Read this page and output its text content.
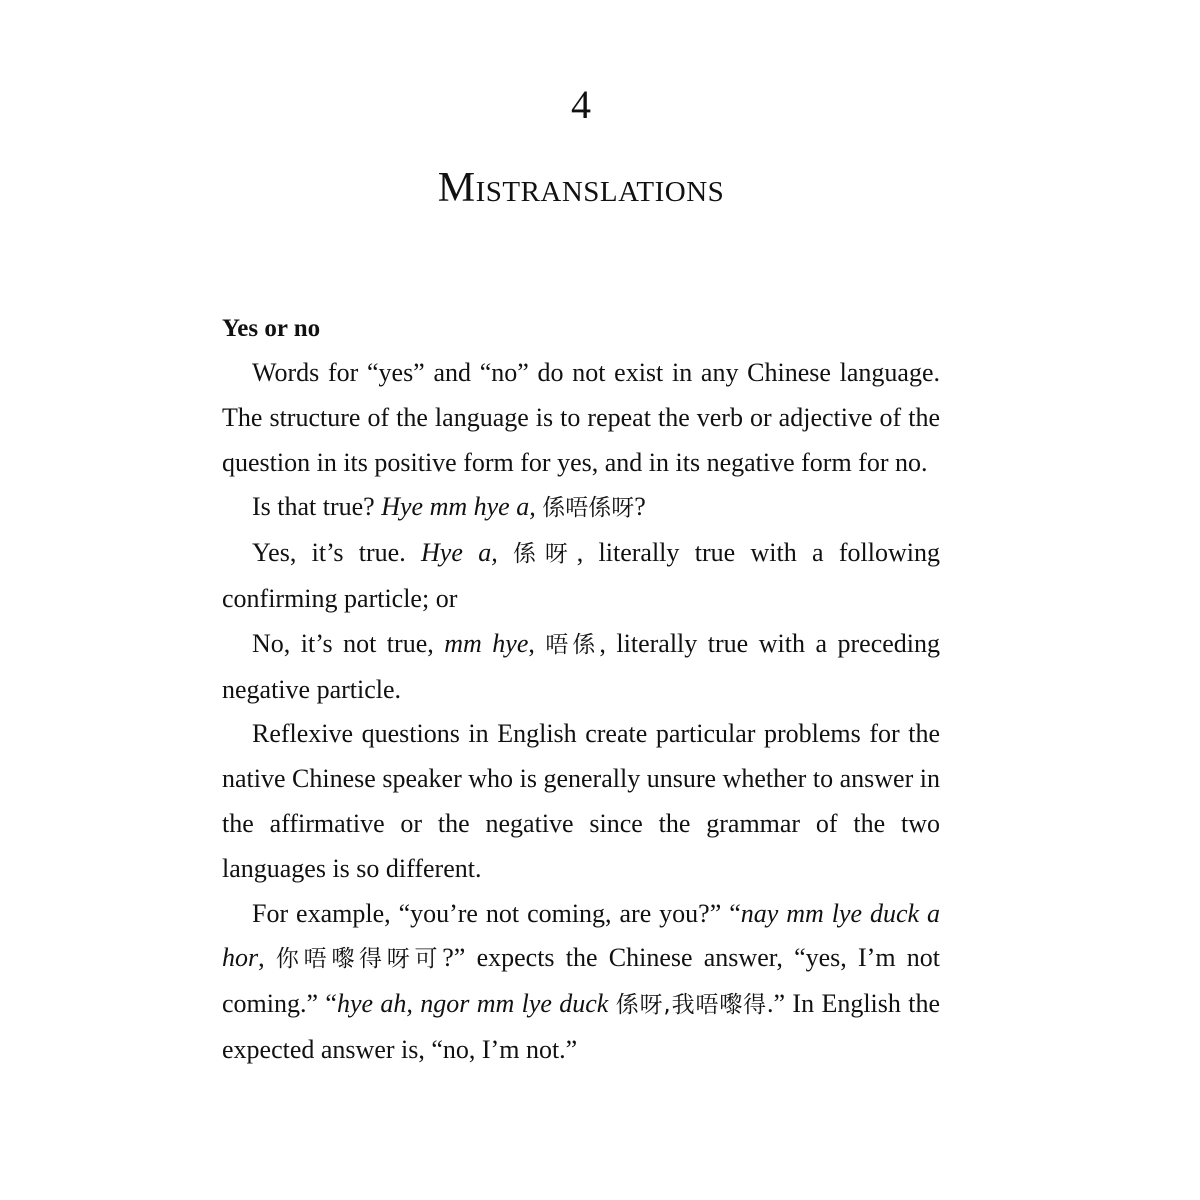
4
Mistranslations

Yes or no

Words for “yes” and “no” do not exist in any Chinese language. The structure of the language is to repeat the verb or adjective of the question in its positive form for yes, and in its negative form for no.

Is that true? Hye mm hye a, 係唔係呀?

Yes, it’s true. Hye a, 係呀, literally true with a following confirming particle; or

No, it’s not true, mm hye, 唔係, literally true with a preceding negative particle.

Reflexive questions in English create particular problems for the native Chinese speaker who is generally unsure whether to answer in the affirmative or the negative since the grammar of the two languages is so different.

For example, “you’re not coming, are you?” “nay mm lye duck a hor, 你唔嚟得呀可?” expects the Chinese answer, “yes, I’m not coming.” “hye ah, ngor mm lye duck 係呀,我唔嚟得.” In English the expected answer is, “no, I’m not.”
